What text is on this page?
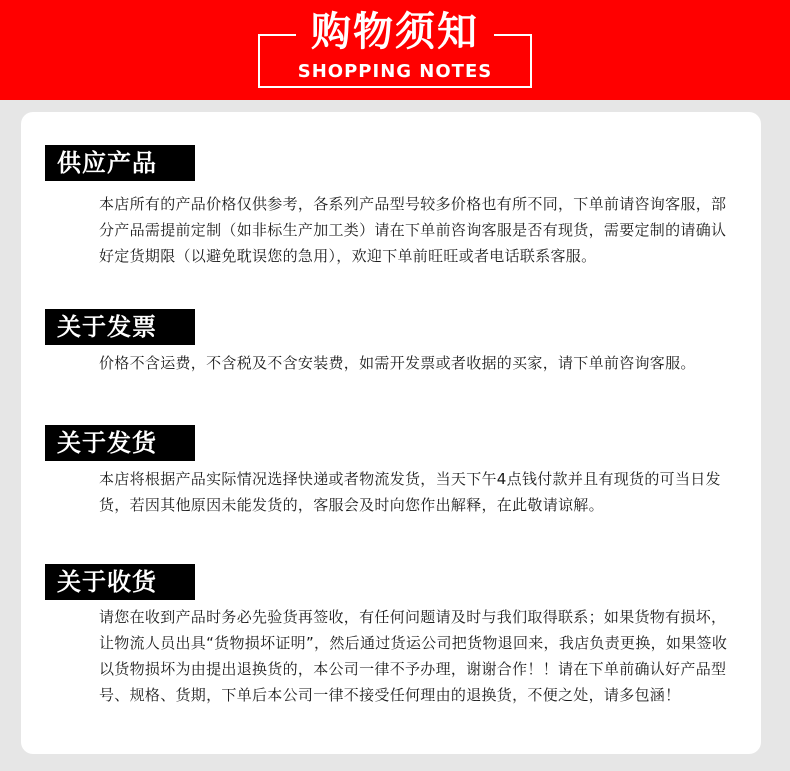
购物须知
SHOPPING NOTES
供应产品

本店所有的产品价格仅供参考，各系列产品型号较多价格也有所不同，下单前请咨询客服，部分产品需提前定制（如非标生产加工类）请在下单前咨询客服是否有现货，需要定制的请确认好定货期限（以避免耽误您的急用），欢迎下单前旺旺或者电话联系客服。

关于发票

价格不含运费，不含税及不含安装费，如需开发票或者收据的买家，请下单前咨询客服。

关于发货

本店将根据产品实际情况选择快递或者物流发货，当天下午4点钱付款并且有现货的可当日发货，若因其他原因未能发货的，客服会及时向您作出解释，在此敬请谅解。

关于收货

请您在收到产品时务必先验货再签收，有任何问题请及时与我们取得联系；如果货物有损坏，让物流人员出具“货物损坏证明”，然后通过货运公司把货物退回来，我店负责更换，如果签收以货物损坏为由提出退换货的，本公司一律不予办理，谢谢合作！！请在下单前确认好产品型号、规格、货期，下单后本公司一律不接受任何理由的退换货，不便之处，请多包涵！
